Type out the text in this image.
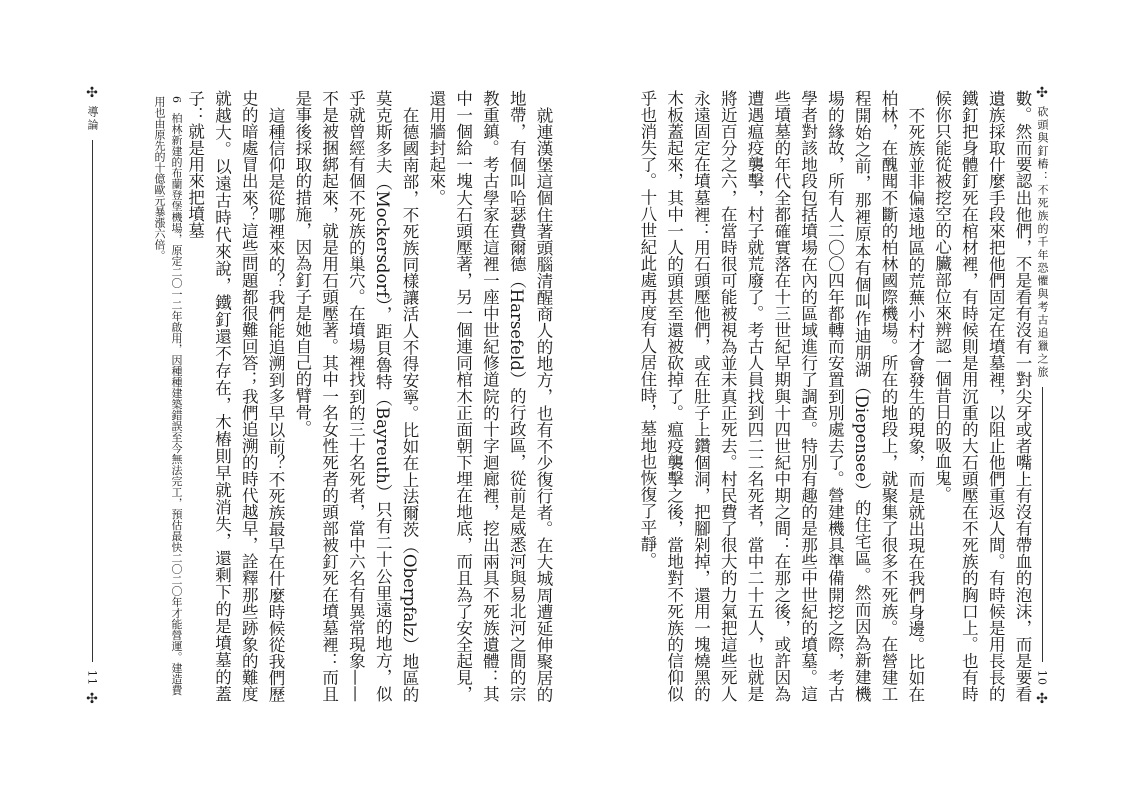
✣
砍頭與釘樁：不死族的千年恐懼與考古追獵之旅
10
✣

數。然而要認出他們，不是看有沒有一對尖牙或者嘴上有沒有帶血的泡沫，而是要看遺族採取什麼手段來把他們固定在墳墓裡，以阻止他們重返人間。有時候是用長長的鐵釘把身體釘死在棺材裡，有時候則是用沉重的大石頭壓在不死族的胸口上。也有時候你只能從被挖空的心臟部位來辨認一個昔日的吸血鬼。

不死族並非偏遠地區的荒蕪小村才會發生的現象，而是就出現在我們身邊。比如在柏林，在醜聞不斷的柏林國際機場。所在的地段上，就聚集了很多不死族。在營建工程開始之前，那裡原本有個叫作迪朋湖（Diepensee）的住宅區。然而因為新建機場的緣故，所有人二〇〇四年都轉而安置到別處去了。營建機具準備開挖之際，考古學者對該地段包括墳場在內的區域進行了調查。特別有趣的是那些中世紀的墳墓。這些墳墓的年代全都確實落在十三世紀早期與十四世紀中期之間：在那之後，或許因為遭遇瘟疫襲擊，村子就荒廢了。考古人員找到四二二名死者，當中二十五人，也就是將近百分之六，在當時很可能被視為並未真正死去。村民費了很大的力氣把這些死人永遠固定在墳墓裡：用石頭壓他們，或在肚子上鑽個洞，把腳剁掉，還用一塊燒黑的木板蓋起來，其中一人的頭甚至還被砍掉了。瘟疫襲擊之後，當地對不死族的信仰似乎也消失了。十八世紀此處再度有人居住時，墓地也恢復了平靜。

✣
導論
11
✣
6 柏林新建的布蘭登堡機場，原定二〇一二年啟用，因種種建築錯誤至今無法完工，預估最快二〇二〇年才能營運。建造費用也由原先的十億歐元暴漲六倍。	就連漢堡這個住著頭腦清醒商人的地方，也有不少復行者。在大城周遭延伸聚居的地帶，有個叫哈瑟費爾德（Harsefeld）的行政區，從前是威悉河與易北河之間的宗教重鎮。考古學家在這裡一座中世紀修道院的十字迴廊裡，挖出兩具不死族遺體：其中一個給一塊大石頭壓著，另一個連同棺木正面朝下埋在地底，而且為了安全起見，還用牆封起來。

在德國南部，不死族同樣讓活人不得安寧。比如在上法爾茨（Oberpfalz）地區的莫克斯多夫（Mockersdorf），距貝魯特（Bayreuth）只有二十公里遠的地方，似乎就曾經有個不死族的巢穴。在墳場裡找到的三十名死者，當中六名有異常現象——不是被捆綁起來，就是用石頭壓著。其中一名女性死者的頭部被釘死在墳墓裡：而且是事後採取的措施，因為釘子是她自己的臂骨。

這種信仰是從哪裡來的？我們能追溯到多早以前？不死族最早在什麼時候從我們歷史的暗處冒出來？這些問題都很難回答；我們追溯的時代越早，詮釋那些跡象的難度就越大。以遠古時代來說，鐵釘還不存在，木樁則早就消失，還剩下的是墳墓的蓋子：就是用來把墳墓
